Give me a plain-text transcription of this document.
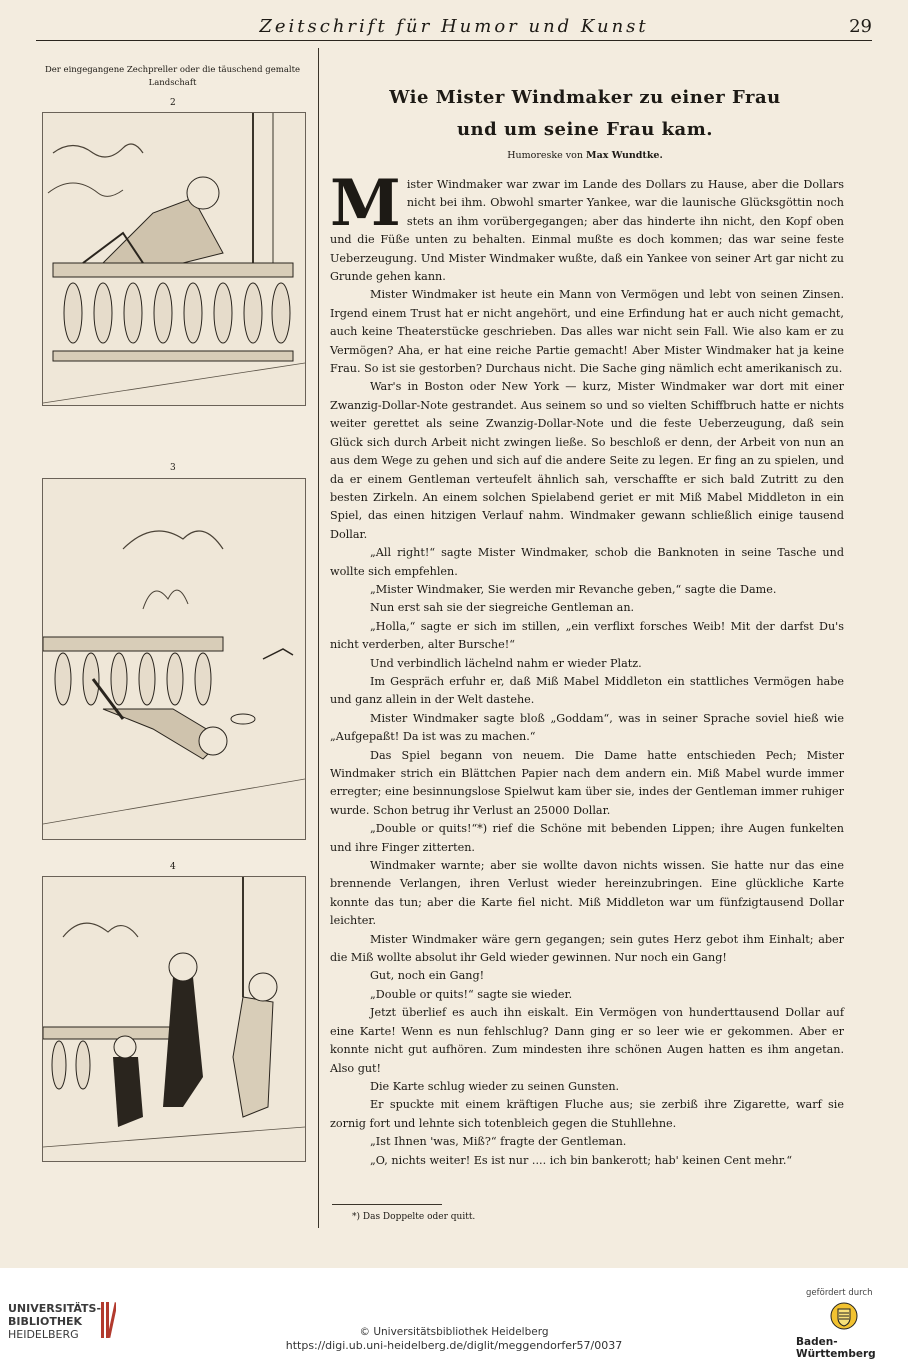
Zeitschrift für Humor und Kunst	29
Der eingegangene Zechpreller oder die täuschend gemalte Landschaft
2
3
4
Wie Mister Windmaker zu einer Frau
und um seine Frau kam.
Humoreske von Max Wundtke.

Mister Windmaker war zwar im Lande des Dollars zu Hause, aber die Dollars nicht bei ihm. Obwohl smarter Yankee, war die launische Glücksgöttin noch stets an ihm vorübergegangen; aber das hinderte ihn nicht, den Kopf oben und die Füße unten zu behalten. Einmal mußte es doch kommen; das war seine feste Ueberzeugung. Und Mister Windmaker wußte, daß ein Yankee von seiner Art gar nicht zu Grunde gehen kann.

Mister Windmaker ist heute ein Mann von Vermögen und lebt von seinen Zinsen. Irgend einem Trust hat er nicht angehört, und eine Erfindung hat er auch nicht gemacht, auch keine Theaterstücke geschrieben. Das alles war nicht sein Fall. Wie also kam er zu Vermögen? Aha, er hat eine reiche Partie gemacht! Aber Mister Windmaker hat ja keine Frau. So ist sie gestorben? Durchaus nicht. Die Sache ging nämlich echt amerikanisch zu.

War's in Boston oder New York — kurz, Mister Windmaker war dort mit einer Zwanzig-Dollar-Note gestrandet. Aus seinem so und so vielten Schiffbruch hatte er nichts weiter gerettet als seine Zwanzig-Dollar-Note und die feste Ueberzeugung, daß sein Glück sich durch Arbeit nicht zwingen ließe. So beschloß er denn, der Arbeit von nun an aus dem Wege zu gehen und sich auf die andere Seite zu legen. Er fing an zu spielen, und da er einem Gentleman verteufelt ähnlich sah, verschaffte er sich bald Zutritt zu den besten Zirkeln. An einem solchen Spielabend geriet er mit Miß Mabel Middleton in ein Spiel, das einen hitzigen Verlauf nahm. Windmaker gewann schließlich einige tausend Dollar.

„All right!“ sagte Mister Windmaker, schob die Banknoten in seine Tasche und wollte sich empfehlen.

„Mister Windmaker, Sie werden mir Revanche geben,“ sagte die Dame.

Nun erst sah sie der siegreiche Gentleman an.

„Holla,“ sagte er sich im stillen, „ein verflixt forsches Weib! Mit der darfst Du's nicht verderben, alter Bursche!“

Und verbindlich lächelnd nahm er wieder Platz.

Im Gespräch erfuhr er, daß Miß Mabel Middleton ein stattliches Vermögen habe und ganz allein in der Welt dastehe.

Mister Windmaker sagte bloß „Goddam“, was in seiner Sprache soviel hieß wie „Aufgepaßt! Da ist was zu machen.“

Das Spiel begann von neuem. Die Dame hatte entschieden Pech; Mister Windmaker strich ein Blättchen Papier nach dem andern ein. Miß Mabel wurde immer erregter; eine besinnungslose Spielwut kam über sie, indes der Gentleman immer ruhiger wurde. Schon betrug ihr Verlust an 25000 Dollar.

„Double or quits!“*) rief die Schöne mit bebenden Lippen; ihre Augen funkelten und ihre Finger zitterten.

Windmaker warnte; aber sie wollte davon nichts wissen. Sie hatte nur das eine brennende Verlangen, ihren Verlust wieder hereinzubringen. Eine glückliche Karte konnte das tun; aber die Karte fiel nicht. Miß Middleton war um fünfzigtausend Dollar leichter.

Mister Windmaker wäre gern gegangen; sein gutes Herz gebot ihm Einhalt; aber die Miß wollte absolut ihr Geld wieder gewinnen. Nur noch ein Gang!

Gut, noch ein Gang!

„Double or quits!“ sagte sie wieder.

Jetzt überlief es auch ihn eiskalt. Ein Vermögen von hunderttausend Dollar auf eine Karte! Wenn es nun fehlschlug? Dann ging er so leer wie er gekommen. Aber er konnte nicht gut aufhören. Zum mindesten ihre schönen Augen hatten es ihm angetan. Also gut!

Die Karte schlug wieder zu seinen Gunsten.

Er spuckte mit einem kräftigen Fluche aus; sie zerbiß ihre Zigarette, warf sie zornig fort und lehnte sich totenbleich gegen die Stuhllehne.

„Ist Ihnen 'was, Miß?“ fragte der Gentleman.

„O, nichts weiter! Es ist nur .... ich bin bankerott; hab' keinen Cent mehr.“

*) Das Doppelte oder quitt.
UNIVERSITÄTS-
BIBLIOTHEK
HEIDELBERG	© Universitätsbibliothek Heidelberg
https://digi.ub.uni-heidelberg.de/diglit/meggendorfer57/0037
gefördert durch
Baden-Württemberg
